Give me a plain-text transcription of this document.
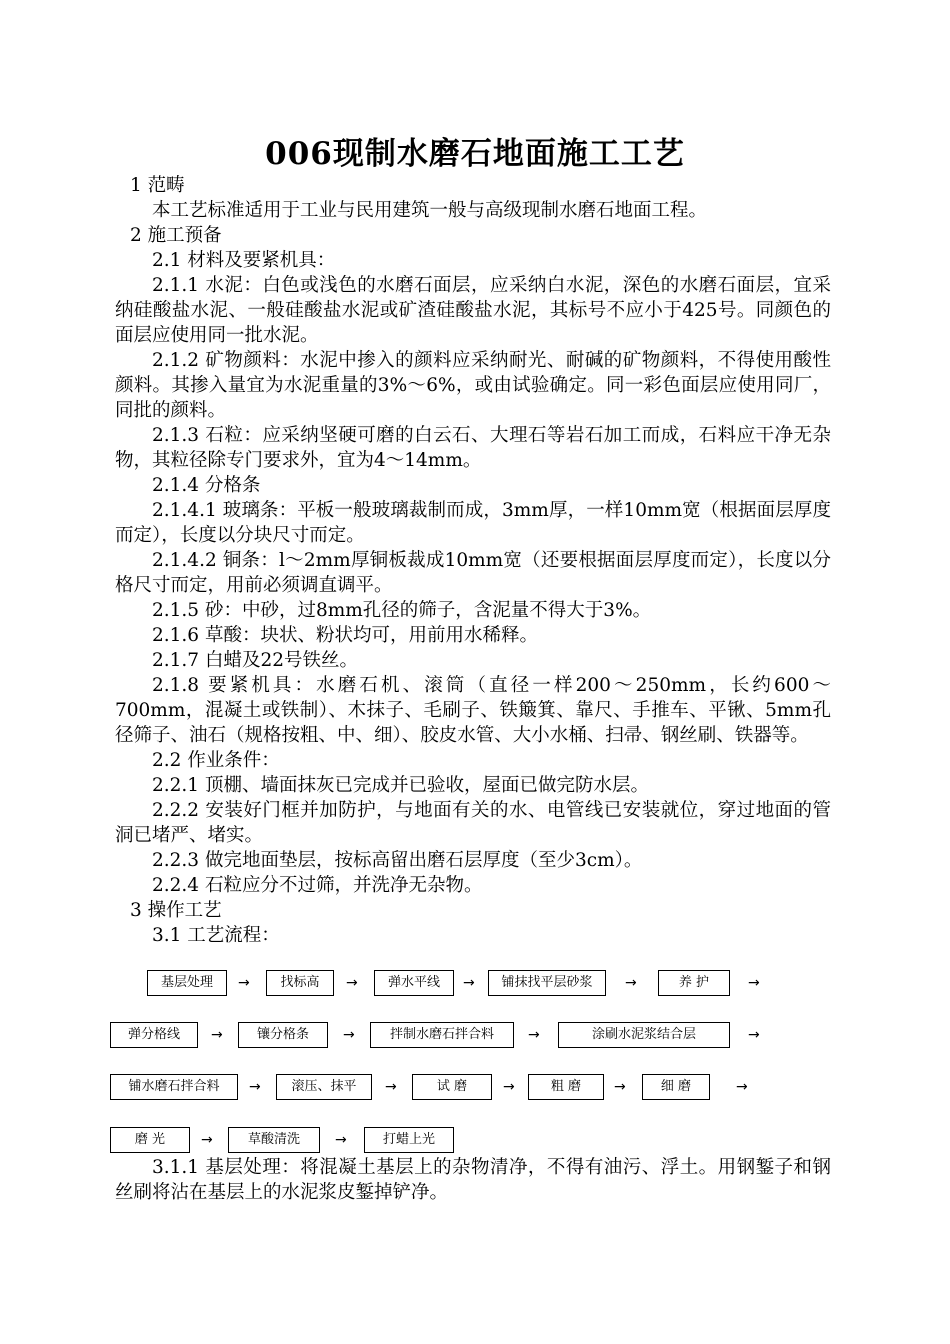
006现制水磨石地面施工工艺

1 范畴

本工艺标准适用于工业与民用建筑一般与高级现制水磨石地面工程。

2 施工预备

2.1 材料及要紧机具：

2.1.1 水泥：白色或浅色的水磨石面层，应采纳白水泥，深色的水磨石面层，宜采纳硅酸盐水泥、一般硅酸盐水泥或矿渣硅酸盐水泥，其标号不应小于425号。同颜色的面层应使用同一批水泥。

2.1.2 矿物颜料：水泥中掺入的颜料应采纳耐光、耐碱的矿物颜料，不得使用酸性颜料。其掺入量宜为水泥重量的3%～6%，或由试验确定。同一彩色面层应使用同厂，同批的颜料。

2.1.3 石粒：应采纳坚硬可磨的白云石、大理石等岩石加工而成，石料应干净无杂物，其粒径除专门要求外，宜为4～14mm。

2.1.4 分格条

2.1.4.1 玻璃条：平板一般玻璃裁制而成，3mm厚，一样10mm宽（根据面层厚度而定），长度以分块尺寸而定。

2.1.4.2 铜条：l～2mm厚铜板裁成10mm宽（还要根据面层厚度而定），长度以分格尺寸而定，用前必须调直调平。

2.1.5 砂：中砂，过8mm孔径的筛子，含泥量不得大于3%。

2.1.6 草酸：块状、粉状均可，用前用水稀释。

2.1.7 白蜡及22号铁丝。

2.1.8 要紧机具：水磨石机、滚筒（直径一样200～250mm，长约600～700mm，混凝土或铁制）、木抹子、毛刷子、铁簸箕、靠尺、手推车、平锹、5mm孔径筛子、油石（规格按粗、中、细）、胶皮水管、大小水桶、扫帚、钢丝刷、铁器等。

2.2 作业条件：

2.2.1 顶棚、墙面抹灰已完成并已验收，屋面已做完防水层。

2.2.2 安装好门框并加防护，与地面有关的水、电管线已安装就位，穿过地面的管洞已堵严、堵实。

2.2.3 做完地面垫层，按标高留出磨石层厚度（至少3cm）。

2.2.4 石粒应分不过筛，并洗净无杂物。

3 操作工艺

3.1 工艺流程：

基层处理	→	找标高	→	弹水平线	→	铺抹找平层砂浆	→	养 护	→
弹分格线	→	镶分格条	→	拌制水磨石拌合料	→	涂刷水泥浆结合层	→
铺水磨石拌合料	→	滚压、抹平	→	试 磨	→	粗 磨	→	细 磨	→
磨 光	→	草酸清洗	→	打蜡上光

3.1.1 基层处理：将混凝土基层上的杂物清净，不得有油污、浮土。用钢錾子和钢丝刷将沾在基层上的水泥浆皮錾掉铲净。
